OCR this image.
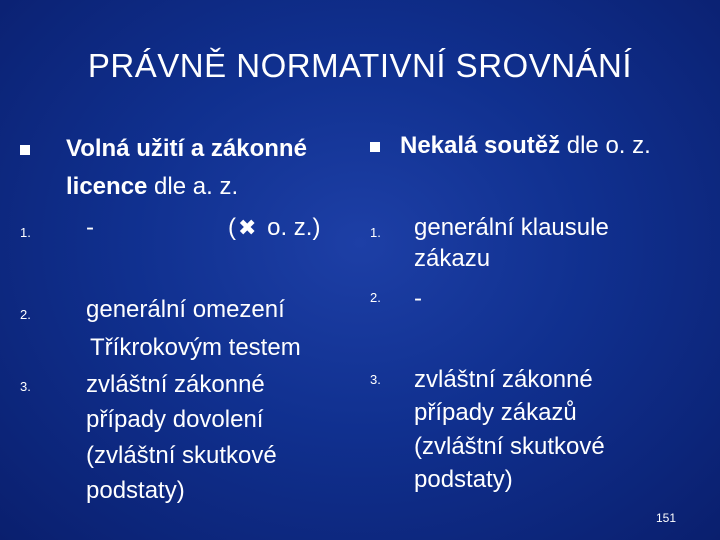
PRÁVNĚ NORMATIVNÍ SROVNÁNÍ
Volná užití a zákonné
licence dle a. z.
1. -	(✖ o. z.)
2. generální omezení
Tříkrokovým testem
3. zvláštní zákonné
případy dovolení
(zvláštní skutkové
podstaty)
Nekalá soutěž dle o. z.
1. generální klausule
zákazu
2. -
3. zvláštní zákonné
případy zákazů
(zvláštní skutkové
podstaty)
151
